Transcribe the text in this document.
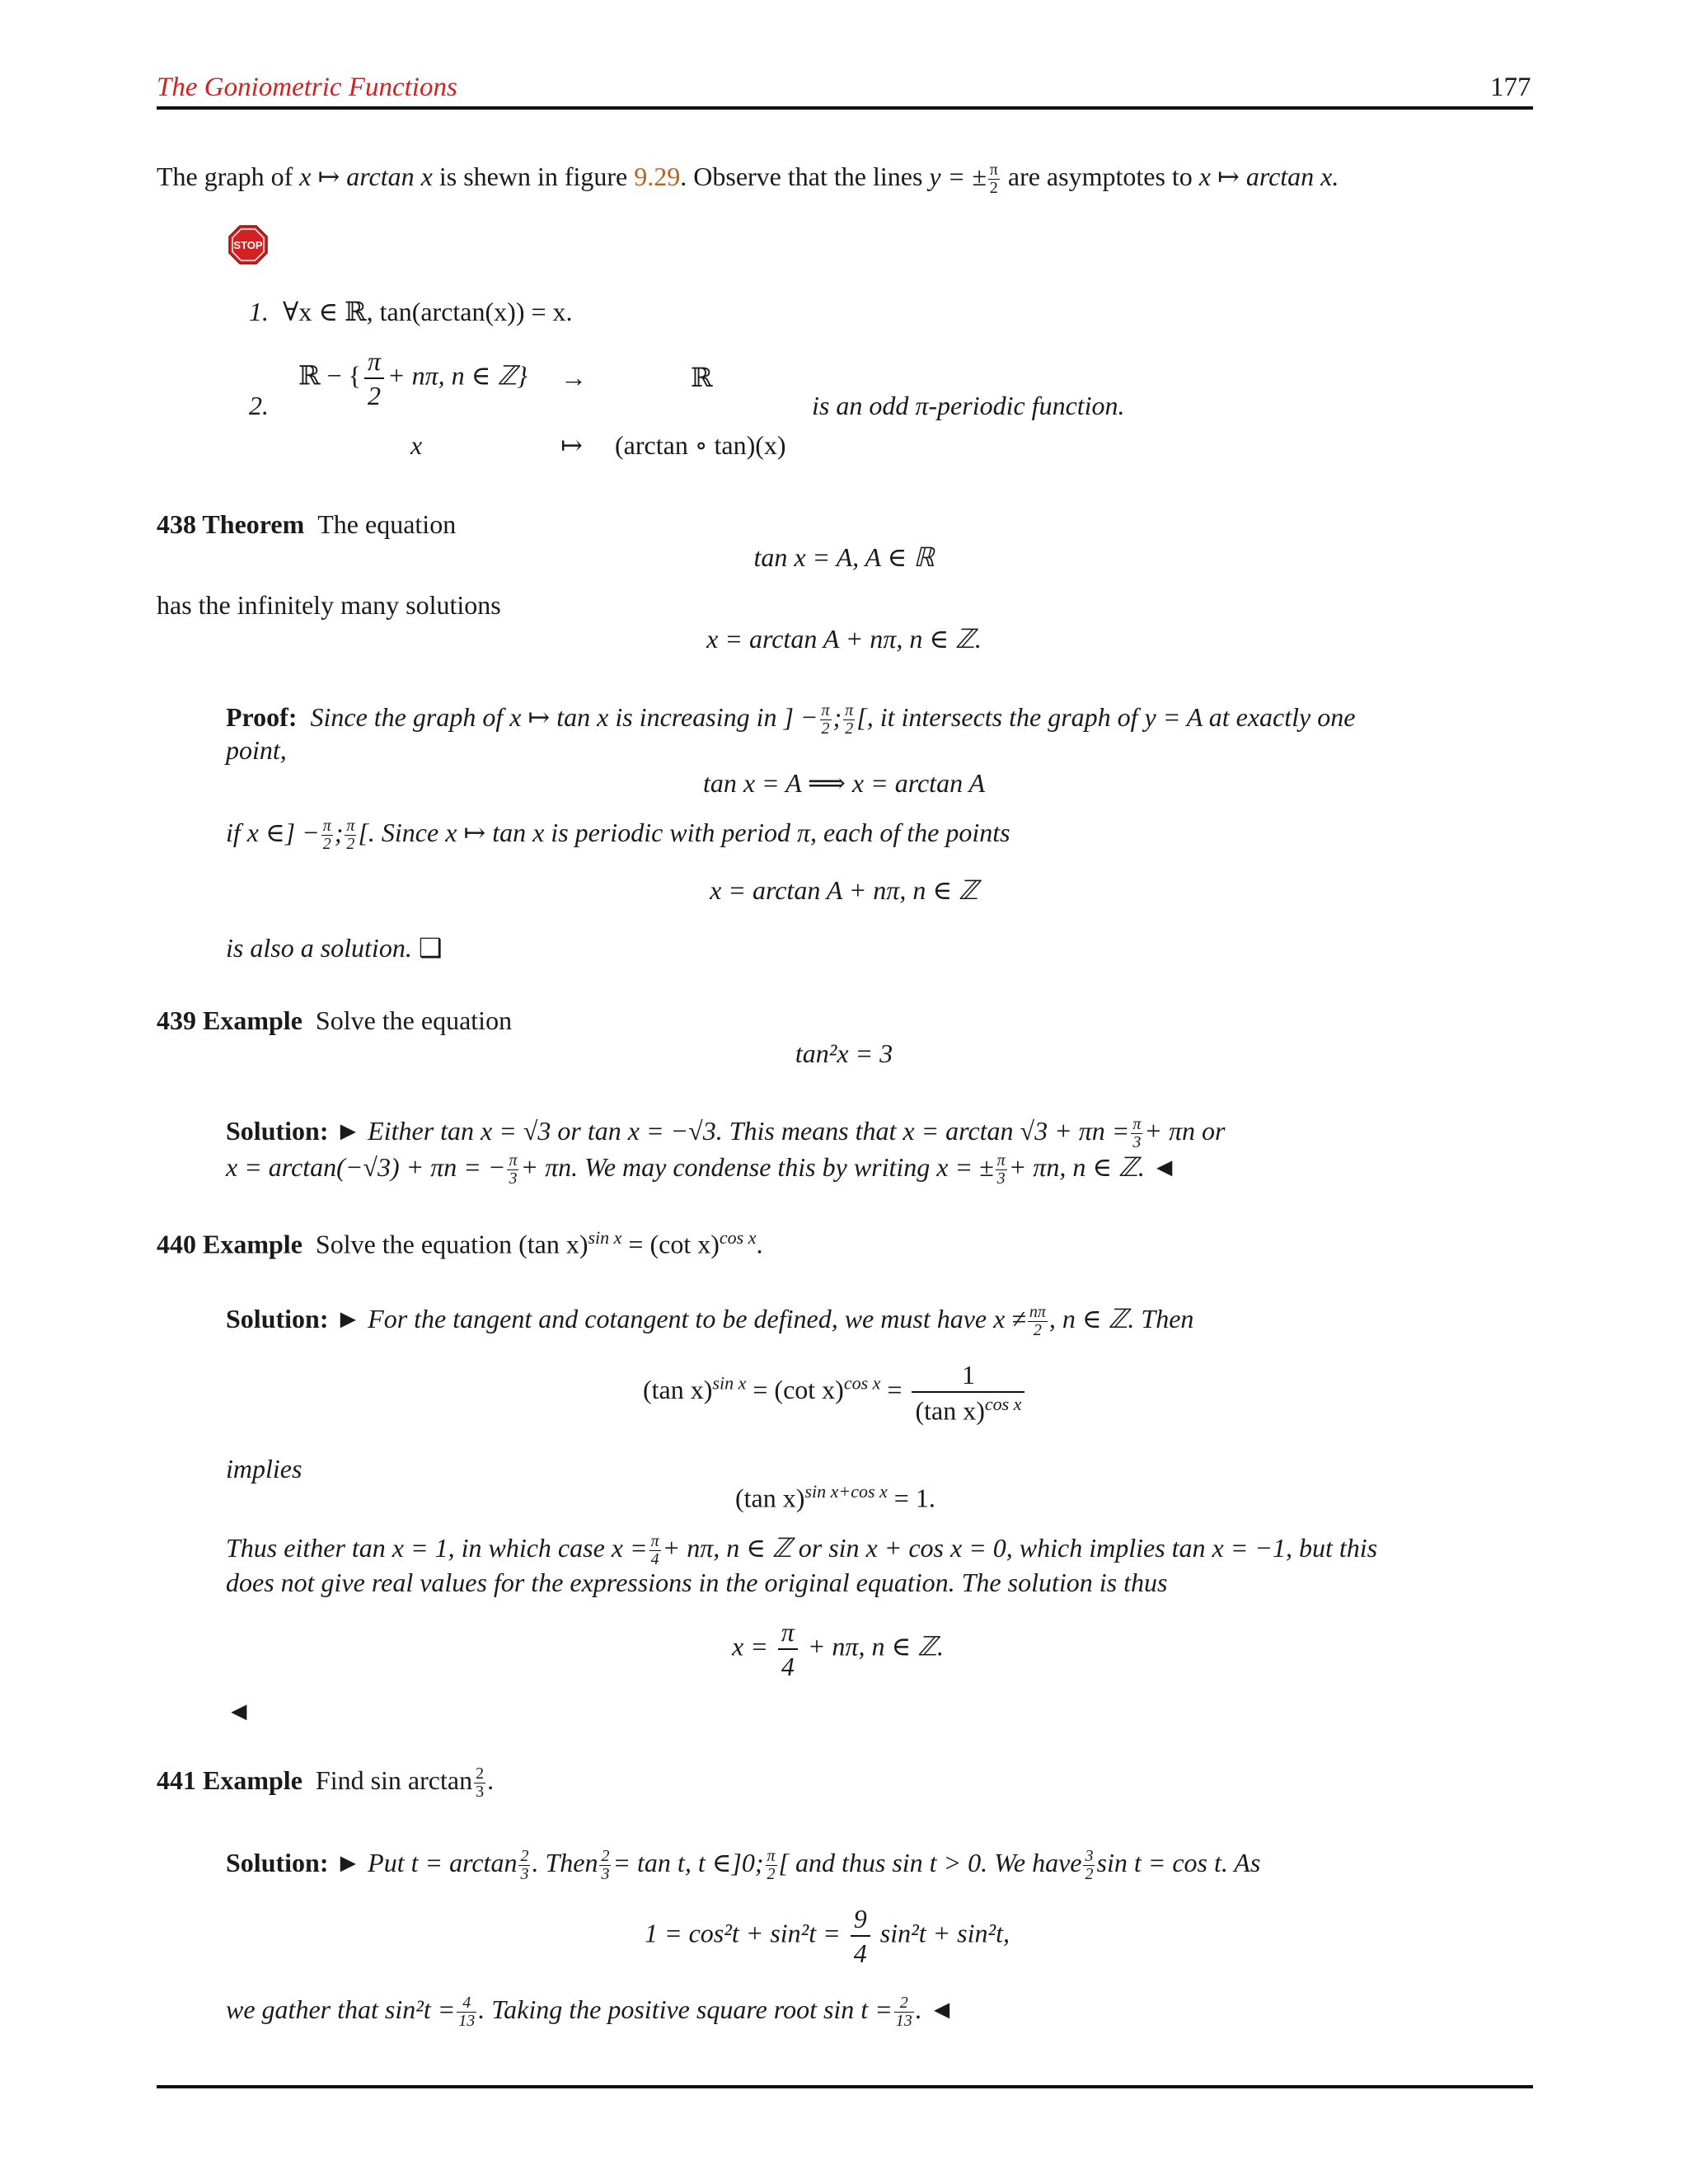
The Goniometric Functions	177
The graph of x ↦ arctan x is shewn in figure 9.29. Observe that the lines y = ± $\frac{\pi}{2}$ are asymptotes to x ↦ arctan x.
STOP
1. ∀x ∈ ℝ, tan(arctan(x)) = x.
2.
ℝ − { $\frac{\pi}{2} + n\pi$, n ∈ ℤ} →	ℝ
x	↦ (arctan ∘ tan)(x)
is an odd π-periodic function.
438 Theorem The equation
tan x = A, A ∈ ℝ
has the infinitely many solutions
x = arctan A + nπ, n ∈ ℤ.
Proof: Since the graph of x ↦ tan x is increasing in ] − $\frac{\pi}{2}$ ; $\frac{\pi}{2}$ [, it intersects the graph of y = A at exactly one
point,
tan x = A ⟹ x = arctan A
if x ∈] − $\frac{\pi}{2}$ ; $\frac{\pi}{2}$ [. Since x ↦ tan x is periodic with period π, each of the points
x = arctan A + nπ, n ∈ ℤ
is also a solution. ❑
439 Example Solve the equation
tan²x = 3
Solution: ► Either tan x = √3 or tan x = −√3. This means that $x = \arctan √3 + \pi n = \frac{\pi}{3} + \pi n$ or
x = arctan(−√3) + πn = − $\frac{\pi}{3} + \pi n$. We may condense this by writing x = ± $\frac{\pi}{3} + \pi n$, n ∈ ℤ. ◄
440 Example Solve the equation (tan x)$^{sin x}$ = (cot x)$^{cos x}$.
Solution: ► For the tangent and cotangent to be defined, we must have $x \ne \frac{n\pi}{2}$ , n ∈ ℤ. Then
(tan x)$^{sin x}$ = (cot $x)^{cos x} = \frac{1}{(\tan x)^{cos x}}$
implies
(tan x)$^{sin x+cos x}$ = 1.
Thus either tan x = 1, in which case $x = \frac{\pi}{4} + n\pi$, n ∈ ℤ or sin x + cos x = 0, which implies tan x = −1, but this
does not give real values for the expressions in the original equation. The solution is thus
$x = \frac{\pi}{4} + n\pi$, n ∈ ℤ.
◄
441 Example Find $\sin \arctan \frac{2}{3}$ .
Solution: ► Put $t = \arctan \frac{2}{3}$ . Then $\frac{2}{3} = \tan t$, t ∈]0; $\frac{\pi}{2}$ [ and thus sin t > 0. We have $\frac{3}{2}$ sin t = cos t. As
$1 = \cos^2t + \sin^2t = \frac{9}{4} \sin^2t + \sin^2t$,
we gather that $\sin^2t = \frac{4}{13}$ . Taking the positive square root $\sin t = \frac{2}{13}$ . ◄
